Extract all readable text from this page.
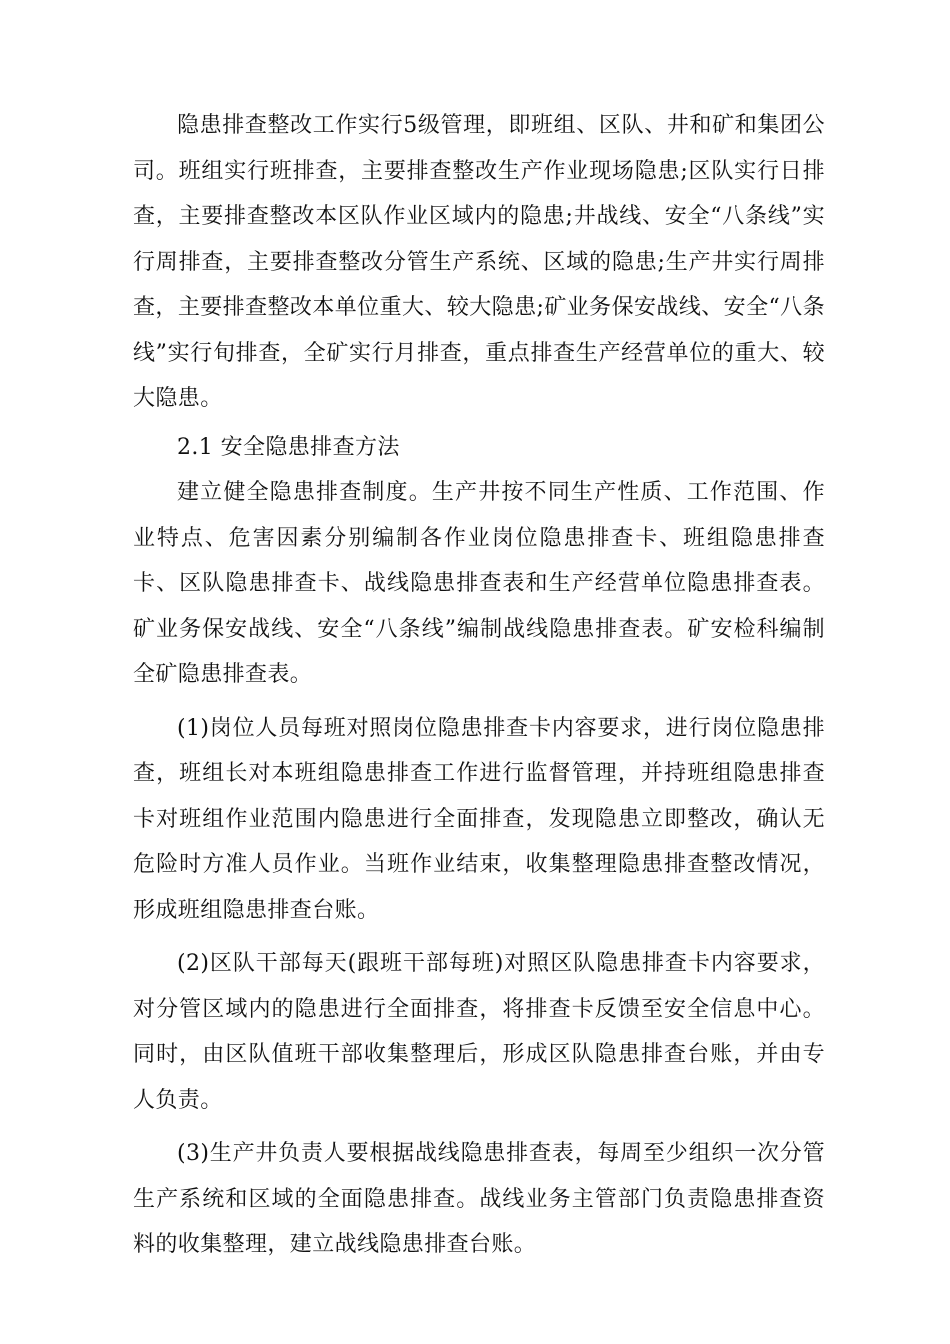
隐患排查整改工作实行5级管理，即班组、区队、井和矿和集团公司。班组实行班排查，主要排查整改生产作业现场隐患;区队实行日排查，主要排查整改本区队作业区域内的隐患;井战线、安全“八条线”实行周排查，主要排查整改分管生产系统、区域的隐患;生产井实行周排查，主要排查整改本单位重大、较大隐患;矿业务保安战线、安全“八条线”实行旬排查，全矿实行月排查，重点排查生产经营单位的重大、较大隐患。

2.1 安全隐患排查方法

建立健全隐患排查制度。生产井按不同生产性质、工作范围、作业特点、危害因素分别编制各作业岗位隐患排查卡、班组隐患排查卡、区队隐患排查卡、战线隐患排查表和生产经营单位隐患排查表。矿业务保安战线、安全“八条线”编制战线隐患排查表。矿安检科编制全矿隐患排查表。

(1)岗位人员每班对照岗位隐患排查卡内容要求，进行岗位隐患排查，班组长对本班组隐患排查工作进行监督管理，并持班组隐患排查卡对班组作业范围内隐患进行全面排查，发现隐患立即整改，确认无危险时方准人员作业。当班作业结束，收集整理隐患排查整改情况，形成班组隐患排查台账。

(2)区队干部每天(跟班干部每班)对照区队隐患排查卡内容要求，对分管区域内的隐患进行全面排查，将排查卡反馈至安全信息中心。同时，由区队值班干部收集整理后，形成区队隐患排查台账，并由专人负责。

(3)生产井负责人要根据战线隐患排查表，每周至少组织一次分管生产系统和区域的全面隐患排查。战线业务主管部门负责隐患排查资料的收集整理，建立战线隐患排查台账。
